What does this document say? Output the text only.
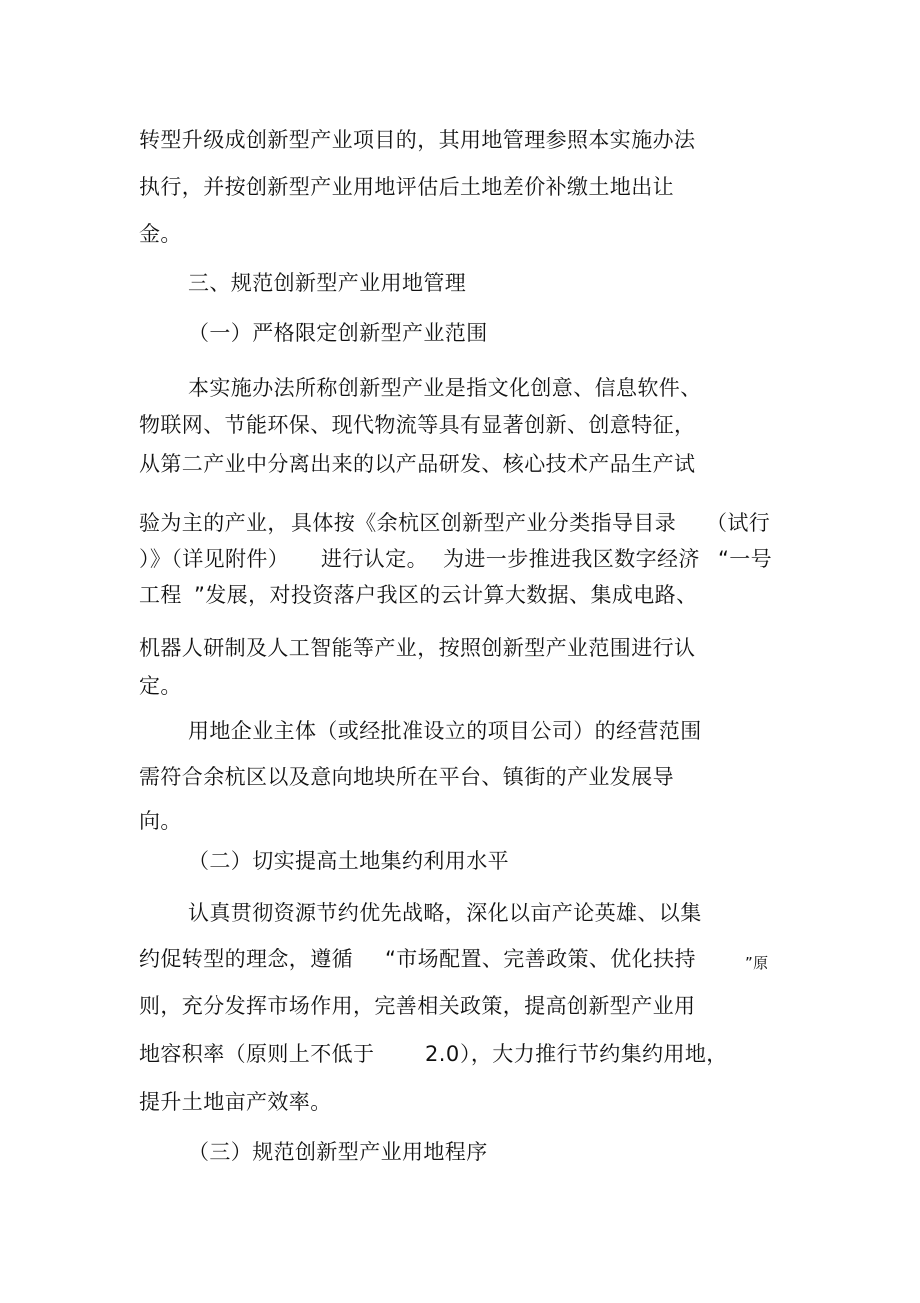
转型升级成创新型产业项目的，其用地管理参照本实施办法
执行，并按创新型产业用地评估后土地差价补缴土地出让
金。
三、规范创新型产业用地管理
（一）严格限定创新型产业范围
本实施办法所称创新型产业是指文化创意、信息软件、
物联网、节能环保、现代物流等具有显著创新、创意特征，
从第二产业中分离出来的以产品研发、核心技术产品生产试
验为主的产业， 具体按《余杭区创新型产业分类指导目录 （试行
）》（详见附件） 进行认定。 为进一步推进我区数字经济 “一号
工程 ”发展，对投资落户我区的云计算大数据、集成电路、
机器人研制及人工智能等产业，按照创新型产业范围进行认
定。
用地企业主体（或经批准设立的项目公司）的经营范围
需符合余杭区以及意向地块所在平台、镇街的产业发展导
向。
（二）切实提高土地集约利用水平
认真贯彻资源节约优先战略，深化以亩产论英雄、以集
约促转型的理念，遵循 “市场配置、完善政策、优化扶持	”原
则，充分发挥市场作用，完善相关政策，提高创新型产业用
地容积率（原则上不低于 2.0 ），大力推行节约集约用地，
提升土地亩产效率。
（三）规范创新型产业用地程序
